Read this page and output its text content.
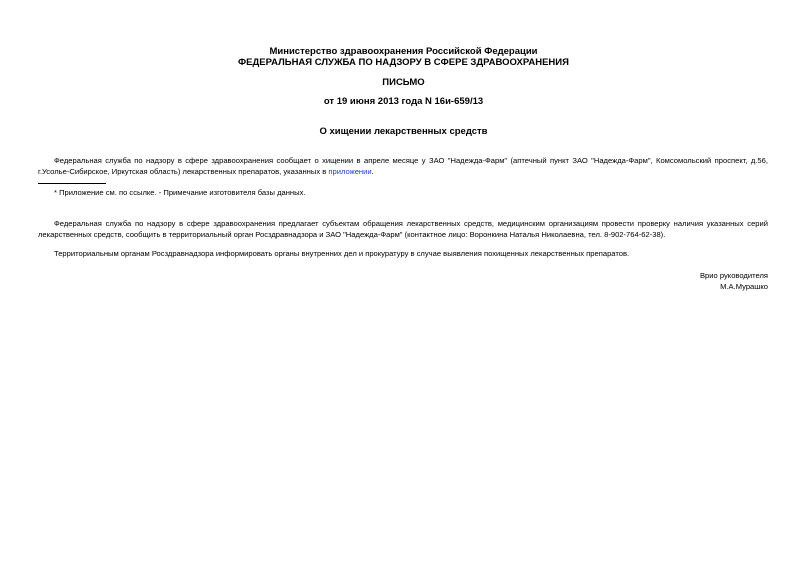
Министерство здравоохранения Российской Федерации
ФЕДЕРАЛЬНАЯ СЛУЖБА ПО НАДЗОРУ В СФЕРЕ ЗДРАВООХРАНЕНИЯ
ПИСЬМО
от 19 июня 2013 года N 16и-659/13
О хищении лекарственных средств
Федеральная служба по надзору в сфере здравоохранения сообщает о хищении в апреле месяце у ЗАО "Надежда-Фарм" (аптечный пункт ЗАО "Надежда-Фарм", Комсомольский проспект, д.56, г.Усолье-Сибирское, Иркутская область) лекарственных препаратов, указанных в приложении.
* Приложение см. по ссылке. - Примечание изготовителя базы данных.
Федеральная служба по надзору в сфере здравоохранения предлагает субъектам обращения лекарственных средств, медицинским организациям провести проверку наличия указанных серий лекарственных средств, сообщить в территориальный орган Росздравнадзора и ЗАО "Надежда-Фарм" (контактное лицо: Воронкина Наталья Николаевна, тел. 8-902-764-62-38).
Территориальным органам Росздравнадзора информировать органы внутренних дел и прокуратуру в случае выявления похищенных лекарственных препаратов.
Врио руководителя
М.А.Мурашко
